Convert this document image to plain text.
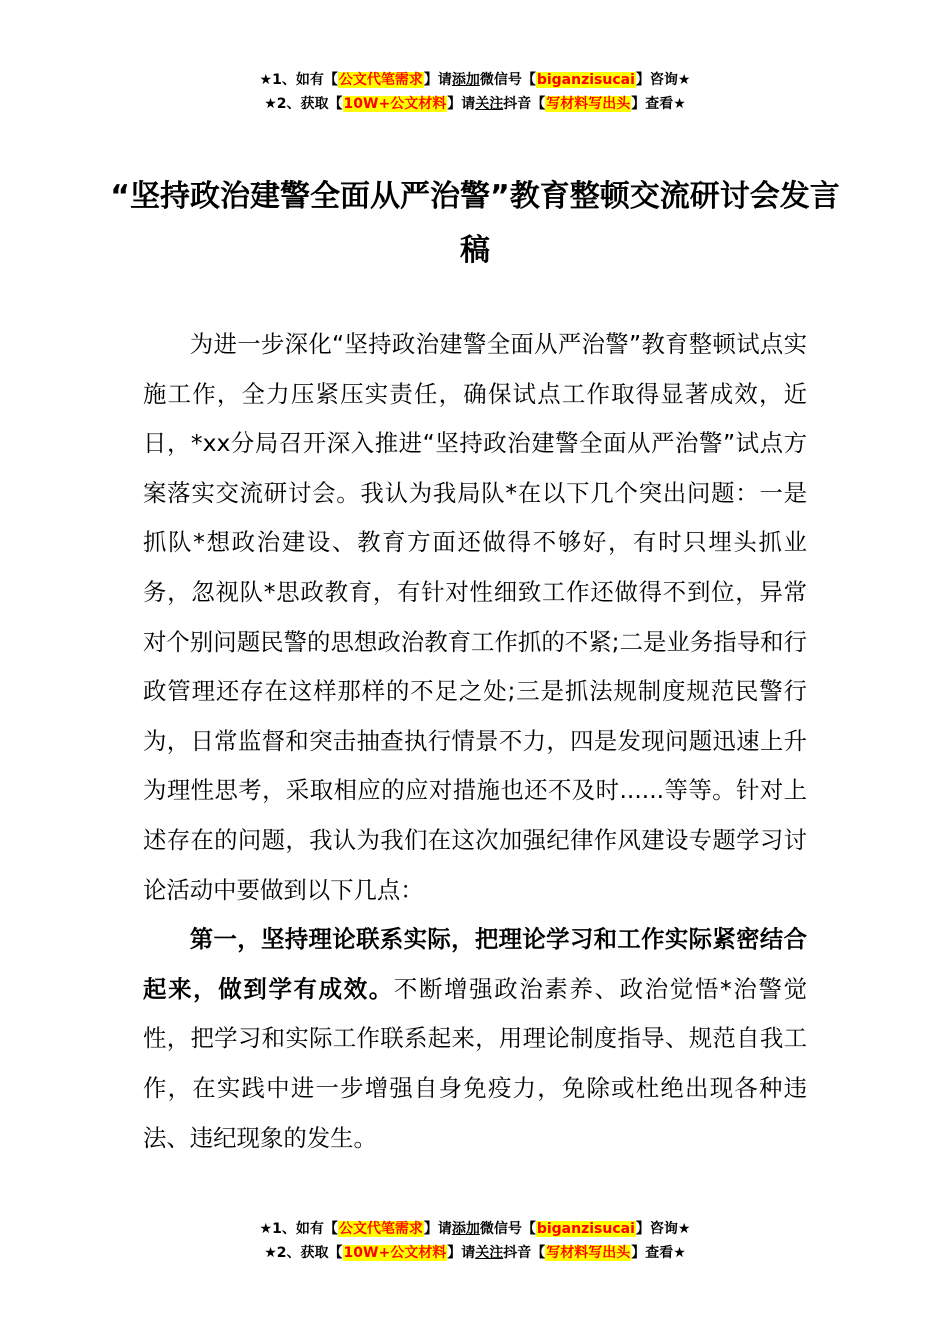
★1、如有【公文代笔需求】请添加微信号【biganzisucai】咨询★
★2、获取【10W+公文材料】请关注抖音【写材料写出头】查看★
“坚持政治建警全面从严治警”教育整顿交流研讨会发言稿

为进一步深化“坚持政治建警全面从严治警”教育整顿试点实施工作，全力压紧压实责任，确保试点工作取得显著成效，近日，*xx分局召开深入推进“坚持政治建警全面从严治警”试点方案落实交流研讨会。我认为我局队*在以下几个突出问题：一是抓队*想政治建设、教育方面还做得不够好，有时只埋头抓业务，忽视队*思政教育，有针对性细致工作还做得不到位，异常对个别问题民警的思想政治教育工作抓的不紧;二是业务指导和行政管理还存在这样那样的不足之处;三是抓法规制度规范民警行为，日常监督和突击抽查执行情景不力，四是发现问题迅速上升为理性思考，采取相应的应对措施也还不及时......等等。针对上述存在的问题，我认为我们在这次加强纪律作风建设专题学习讨论活动中要做到以下几点：

第一，坚持理论联系实际，把理论学习和工作实际紧密结合起来，做到学有成效。不断增强政治素养、政治觉悟*治警觉性，把学习和实际工作联系起来，用理论制度指导、规范自我工作，在实践中进一步增强自身免疫力，免除或杜绝出现各种违法、违纪现象的发生。

★1、如有【公文代笔需求】请添加微信号【biganzisucai】咨询★
★2、获取【10W+公文材料】请关注抖音【写材料写出头】查看★
